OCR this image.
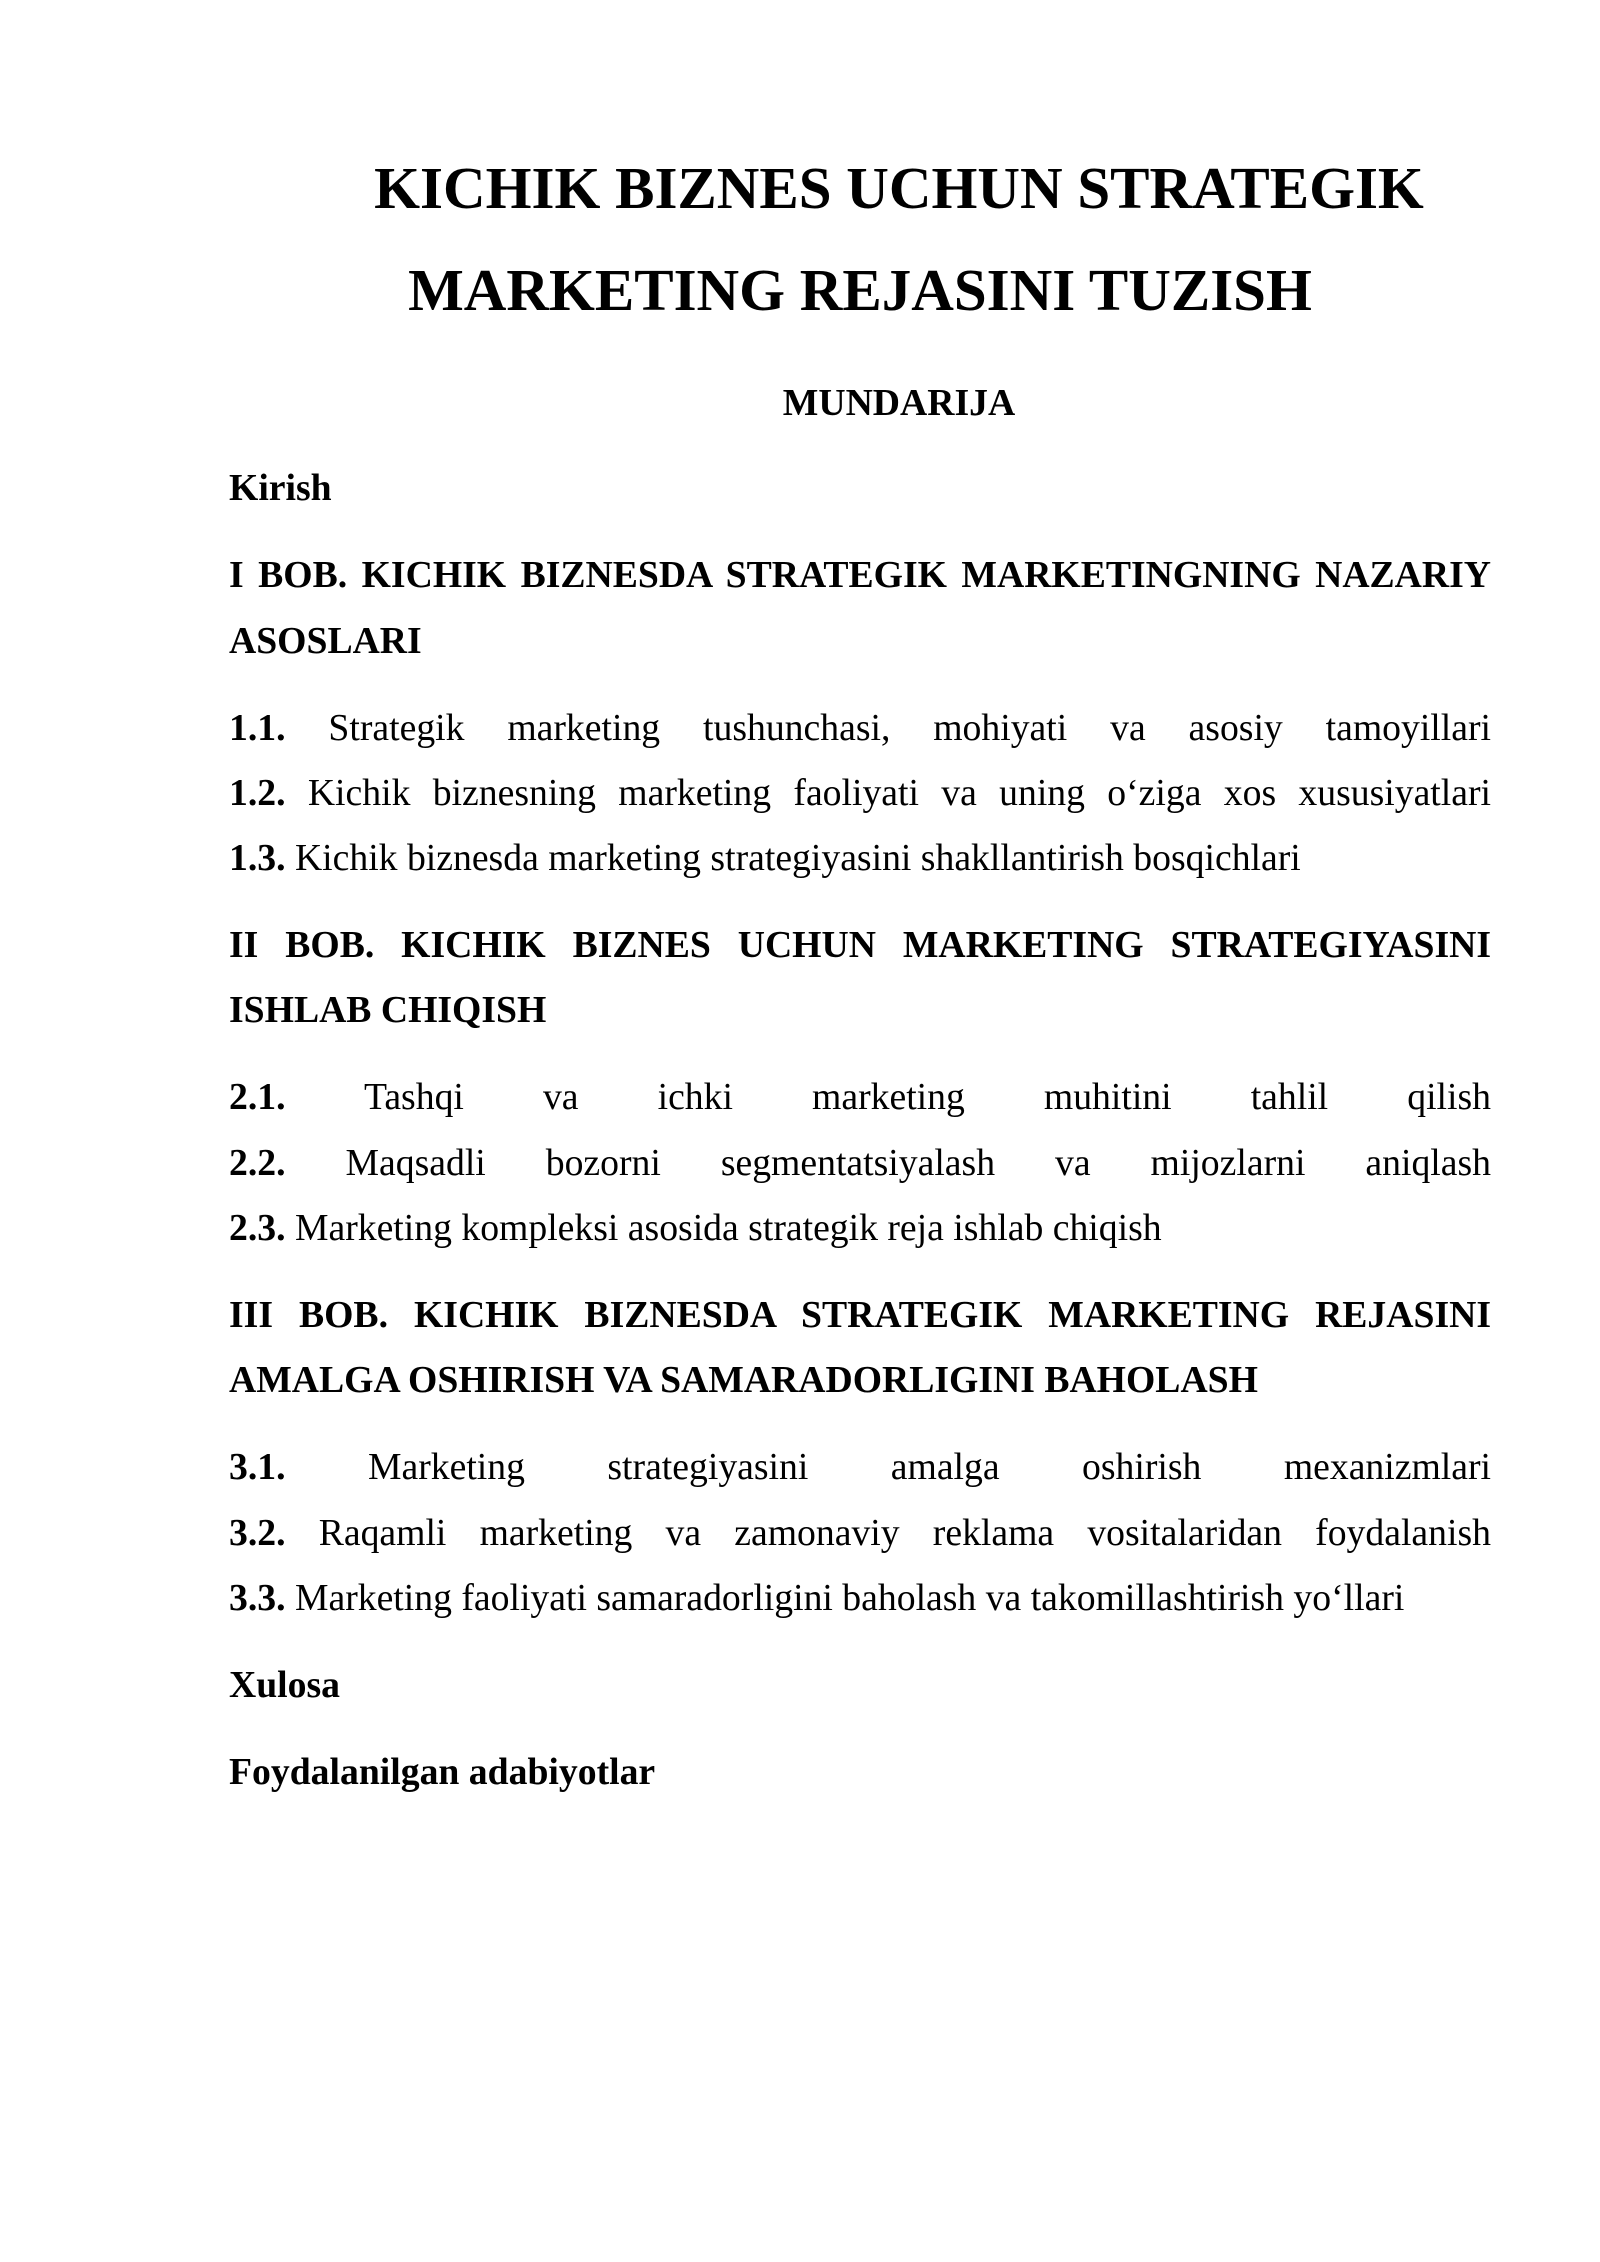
KICHIK BIZNES UCHUN STRATEGIK MARKETING REJASINI TUZISH
MUNDARIJA
Kirish
I BOB. KICHIK BIZNESDA STRATEGIK MARKETINGNING NAZARIY
ASOSLARI
1.1. Strategik marketing tushunchasi, mohiyati va asosiy tamoyillari
1.2. Kichik biznesning marketing faoliyati va uning o‘ziga xos xususiyatlari
1.3. Kichik biznesda marketing strategiyasini shakllantirish bosqichlari
II BOB. KICHIK BIZNES UCHUN MARKETING STRATEGIYASINI
ISHLAB CHIQISH
2.1. Tashqi va ichki marketing muhitini tahlil qilish
2.2. Maqsadli bozorni segmentatsiyalash va mijozlarni aniqlash
2.3. Marketing kompleksi asosida strategik reja ishlab chiqish
III BOB. KICHIK BIZNESDA STRATEGIK MARKETING REJASINI
AMALGA OSHIRISH VA SAMARADORLIGINI BAHOLASH
3.1. Marketing strategiyasini amalga oshirish mexanizmlari
3.2. Raqamli marketing va zamonaviy reklama vositalaridan foydalanish
3.3. Marketing faoliyati samaradorligini baholash va takomillashtirish yo‘llari
Xulosa
Foydalanilgan adabiyotlar
